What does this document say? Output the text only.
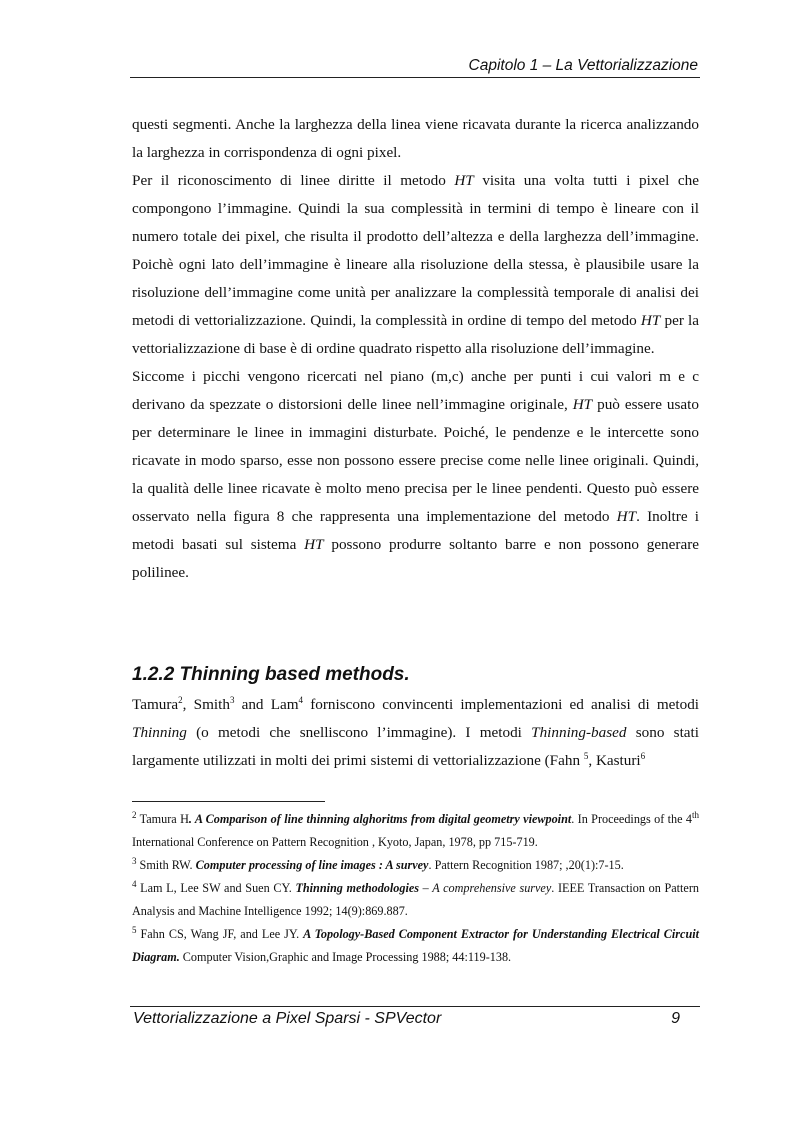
Capitolo 1 – La Vettorializzazione

questi segmenti. Anche la larghezza della linea viene ricavata durante la ricerca analizzando la larghezza in corrispondenza di ogni pixel.

Per il riconoscimento di linee diritte il metodo HT visita una volta tutti i pixel che compongono l’immagine. Quindi la sua complessità in termini di tempo è lineare con il numero totale dei pixel, che risulta il prodotto dell’altezza e della larghezza dell’immagine. Poichè ogni lato dell’immagine è lineare alla risoluzione della stessa, è plausibile usare la risoluzione dell’immagine come unità per analizzare la complessità temporale di analisi dei metodi di vettorializzazione. Quindi, la complessità in ordine di tempo del metodo HT per la vettorializzazione di base è di ordine quadrato rispetto alla risoluzione dell’immagine.

Siccome i picchi vengono ricercati nel piano (m,c) anche per punti i cui valori m e c derivano da spezzate o distorsioni delle linee nell’immagine originale, HT può essere usato per determinare le linee in immagini disturbate. Poiché, le pendenze e le intercette sono ricavate in modo sparso, esse non possono essere precise come nelle linee originali. Quindi, la qualità delle linee ricavate è molto meno precisa per le linee pendenti. Questo può essere osservato nella figura 8 che rappresenta una implementazione del metodo HT. Inoltre i metodi basati sul sistema HT possono produrre soltanto barre e non possono generare polilinee.

1.2.2 Thinning based methods.

Tamura$^2$, Smith$^3$ and Lam$^4$ forniscono convincenti implementazioni ed analisi di metodi Thinning (o metodi che snelliscono l’immagine). I metodi Thinning-based sono stati largamente utilizzati in molti dei primi sistemi di vettorializzazione (Fahn $^5$, Kasturi$^6$

$^2$ Tamura H. A Comparison of line thinning alghoritms from digital geometry viewpoint. In Proceedings of the 4th International Conference on Pattern Recognition , Kyoto, Japan, 1978, pp 715-719.

$^3$ Smith RW. Computer processing of line images : A survey. Pattern Recognition 1987; ,20(1):7-15.

$^4$ Lam L, Lee SW and Suen CY. Thinning methodologies – A comprehensive survey. IEEE Transaction on Pattern Analysis and Machine Intelligence 1992; 14(9):869.887.

$^5$ Fahn CS, Wang JF, and Lee JY. A Topology-Based Component Extractor for Understanding Electrical Circuit Diagram. Computer Vision,Graphic and Image Processing 1988; 44:119-138.

Vettorializzazione a Pixel Sparsi - SPVector	9
